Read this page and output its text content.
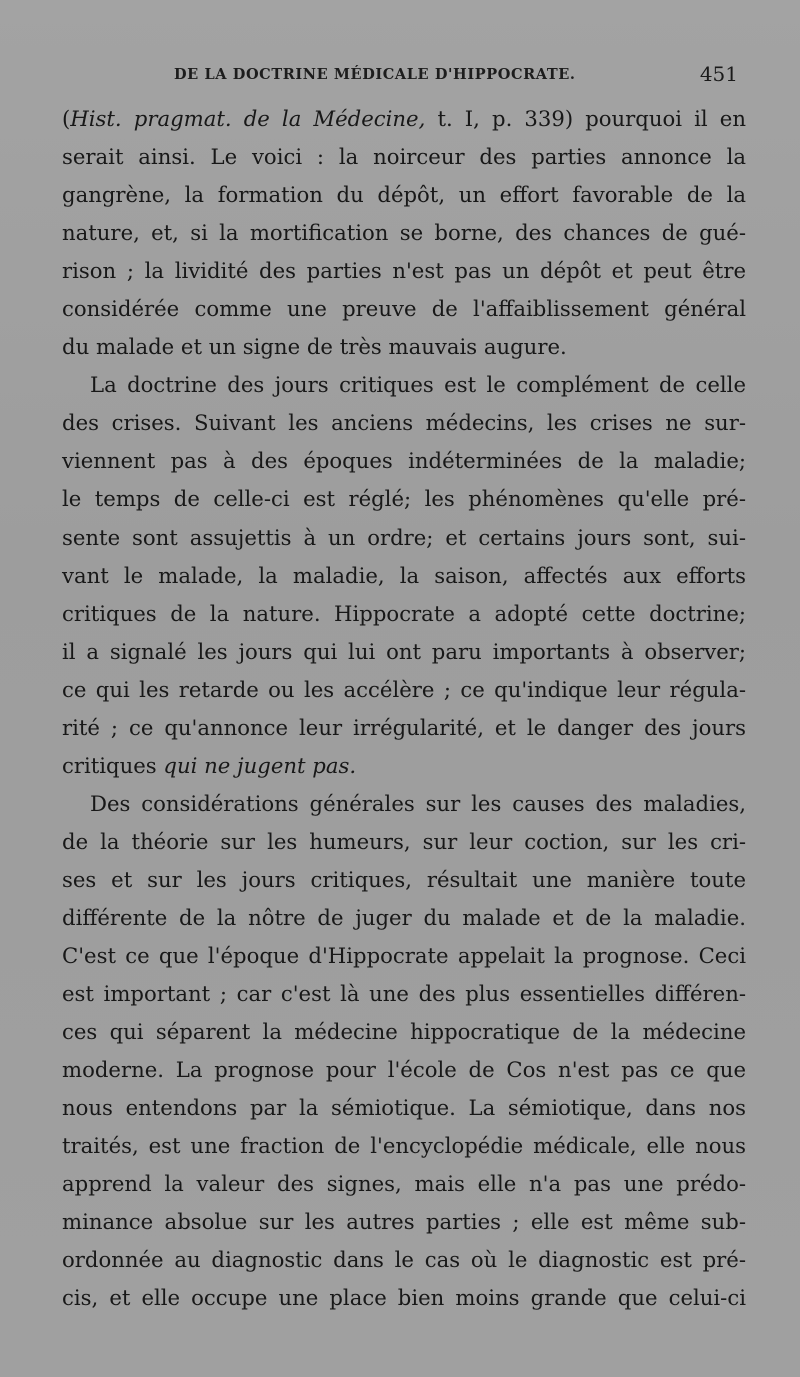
DE LA DOCTRINE MÉDICALE D'HIPPOCRATE.	451
(Hist. pragmat. de la Médecine, t. I, p. 339) pourquoi il en
serait ainsi. Le voici : la noirceur des parties annonce la
gangrène, la formation du dépôt, un effort favorable de la
nature, et, si la mortification se borne, des chances de gué-
rison ; la lividité des parties n'est pas un dépôt et peut être
considérée comme une preuve de l'affaiblissement général
du malade et un signe de très mauvais augure.
La doctrine des jours critiques est le complément de celle
des crises. Suivant les anciens médecins, les crises ne sur-
viennent pas à des époques indéterminées de la maladie;
le temps de celle-ci est réglé; les phénomènes qu'elle pré-
sente sont assujettis à un ordre; et certains jours sont, sui-
vant le malade, la maladie, la saison, affectés aux efforts
critiques de la nature. Hippocrate a adopté cette doctrine;
il a signalé les jours qui lui ont paru importants à observer;
ce qui les retarde ou les accélère ; ce qu'indique leur régula-
rité ; ce qu'annonce leur irrégularité, et le danger des jours
critiques qui ne jugent pas.
Des considérations générales sur les causes des maladies,
de la théorie sur les humeurs, sur leur coction, sur les cri-
ses et sur les jours critiques, résultait une manière toute
différente de la nôtre de juger du malade et de la maladie.
C'est ce que l'époque d'Hippocrate appelait la prognose. Ceci
est important ; car c'est là une des plus essentielles différen-
ces qui séparent la médecine hippocratique de la médecine
moderne. La prognose pour l'école de Cos n'est pas ce que
nous entendons par la sémiotique. La sémiotique, dans nos
traités, est une fraction de l'encyclopédie médicale, elle nous
apprend la valeur des signes, mais elle n'a pas une prédo-
minance absolue sur les autres parties ; elle est même sub-
ordonnée au diagnostic dans le cas où le diagnostic est pré-
cis, et elle occupe une place bien moins grande que celui-ci
